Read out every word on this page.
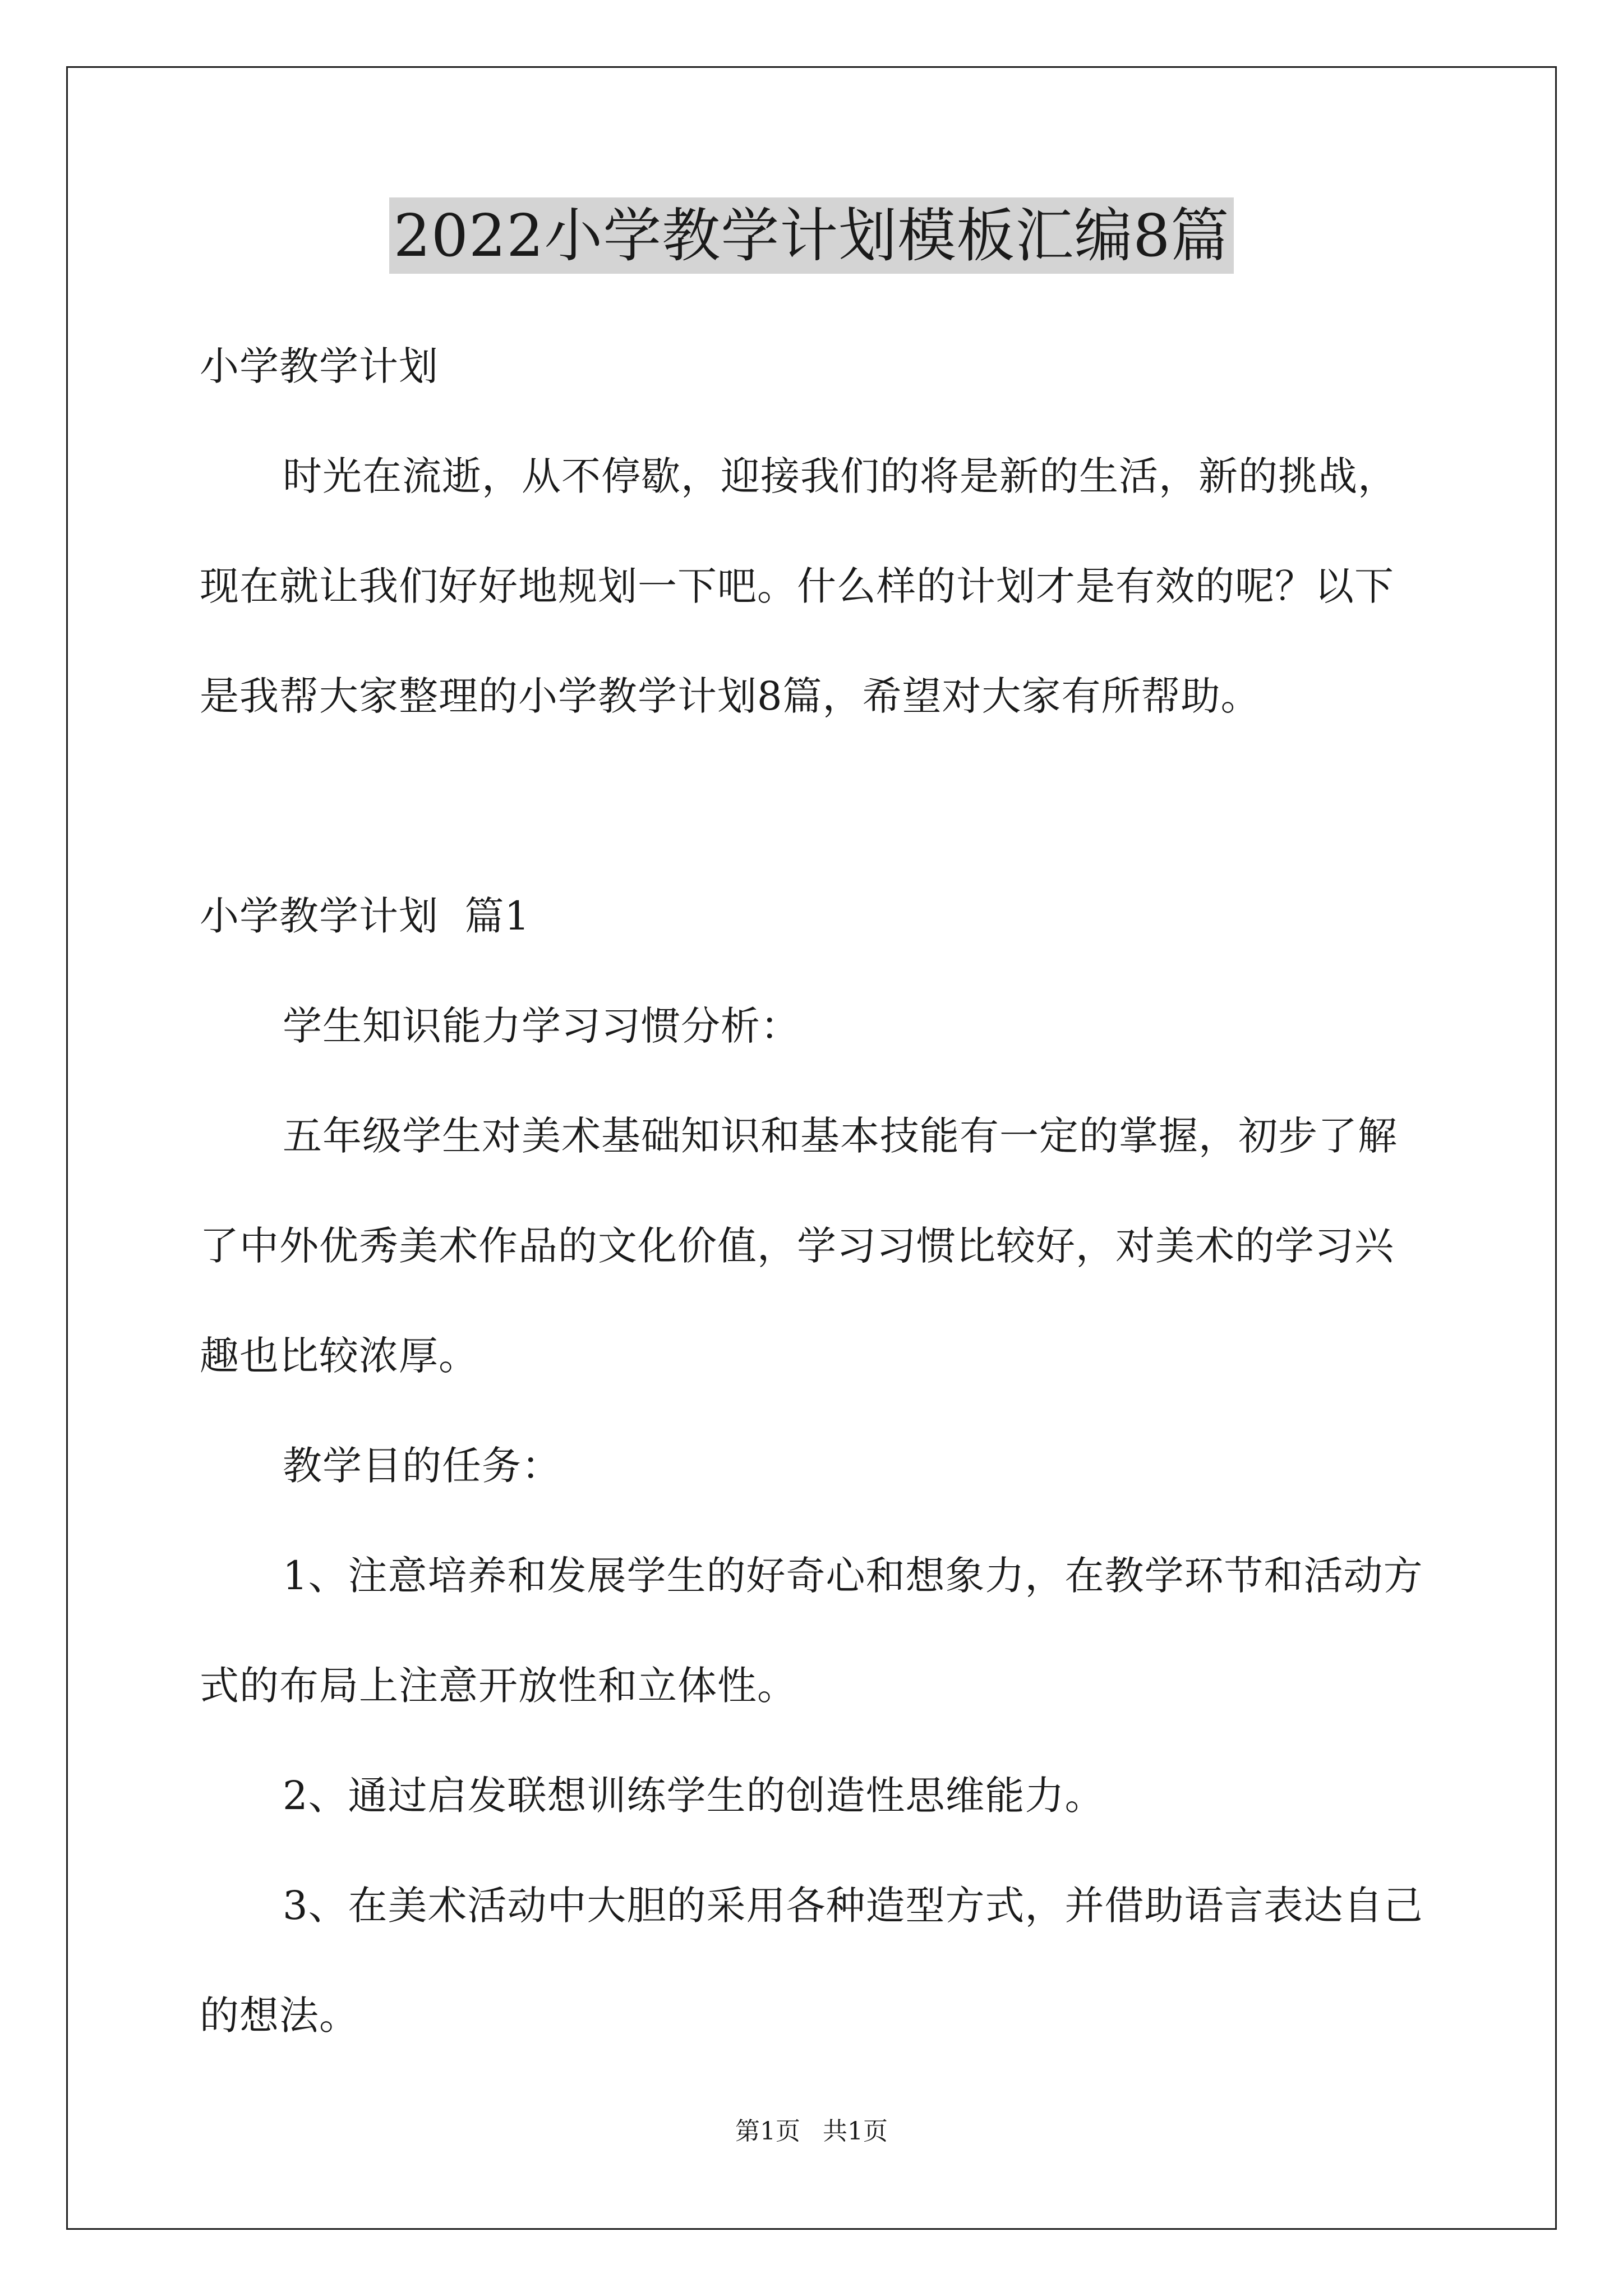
2022小学教学计划模板汇编8篇
小学教学计划
时光在流逝，从不停歇，迎接我们的将是新的生活，新的挑战，
现在就让我们好好地规划一下吧。什么样的计划才是有效的呢？以下
是我帮大家整理的小学教学计划8篇，希望对大家有所帮助。
小学教学计划  篇1
学生知识能力学习习惯分析：
五年级学生对美术基础知识和基本技能有一定的掌握，初步了解
了中外优秀美术作品的文化价值，学习习惯比较好，对美术的学习兴
趣也比较浓厚。
教学目的任务：
1、注意培养和发展学生的好奇心和想象力，在教学环节和活动方
式的布局上注意开放性和立体性。
2、通过启发联想训练学生的创造性思维能力。
3、在美术活动中大胆的采用各种造型方式，并借助语言表达自己
的想法。
第1页 共1页
